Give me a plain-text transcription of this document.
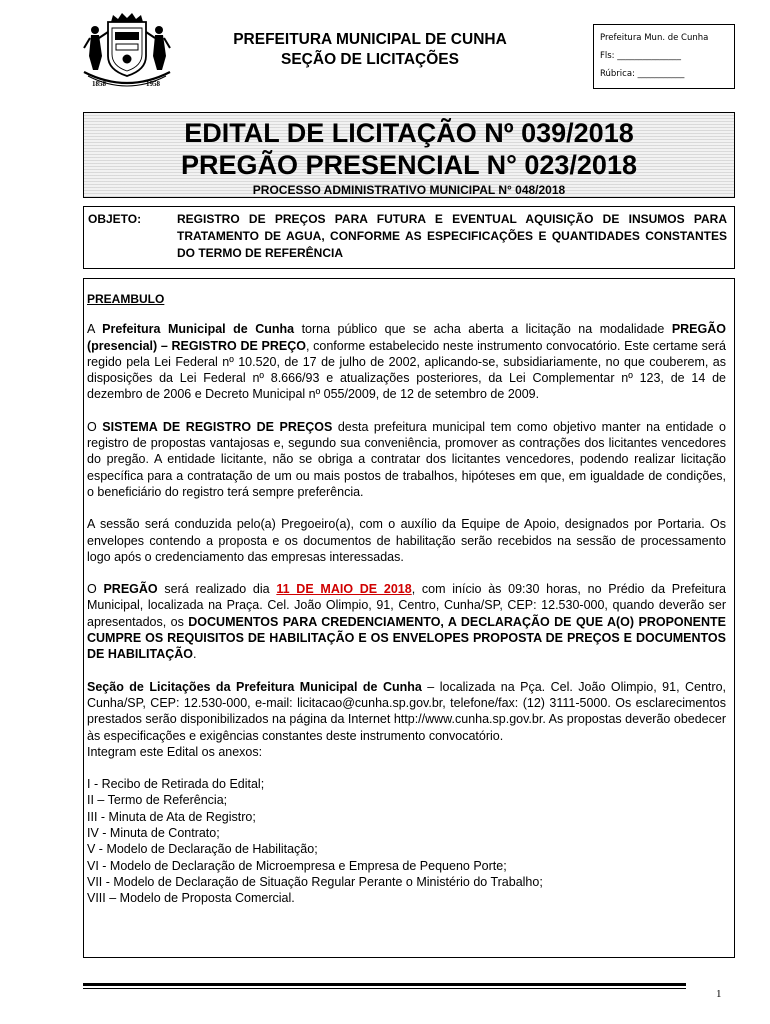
1858	1958
PREFEITURA MUNICIPAL DE CUNHA
SEÇÃO DE LICITAÇÕES
Prefeitura Mun. de Cunha
Fls: _______________
Rúbrica: ___________
EDITAL DE LICITAÇÃO Nº 039/2018
PREGÃO PRESENCIAL N° 023/2018
PROCESSO ADMINISTRATIVO MUNICIPAL N° 048/2018
OBJETO:	REGISTRO DE PREÇOS PARA FUTURA E EVENTUAL AQUISIÇÃO DE INSUMOS PARA TRATAMENTO DE AGUA, CONFORME AS ESPECIFICAÇÕES E QUANTIDADES CONSTANTES DO TERMO DE REFERÊNCIA

PREAMBULO

A Prefeitura Municipal de Cunha torna público que se acha aberta a licitação na modalidade PREGÃO (presencial) – REGISTRO DE PREÇO, conforme estabelecido neste instrumento convocatório. Este certame será regido pela Lei Federal nº 10.520, de 17 de julho de 2002, aplicando-se, subsidiariamente, no que couberem, as disposições da Lei Federal nº 8.666/93 e atualizações posteriores, da Lei Complementar nº 123, de 14 de dezembro de 2006 e Decreto Municipal nº 055/2009, de 12 de setembro de 2009.

O SISTEMA DE REGISTRO DE PREÇOS desta prefeitura municipal tem como objetivo manter na entidade o registro de propostas vantajosas e, segundo sua conveniência, promover as contrações dos licitantes vencedores do pregão. A entidade licitante, não se obriga a contratar dos licitantes vencedores, podendo realizar licitação específica para a contratação de um ou mais postos de trabalhos, hipóteses em que, em igualdade de condições, o beneficiário do registro terá sempre preferência.

A sessão será conduzida pelo(a) Pregoeiro(a), com o auxílio da Equipe de Apoio, designados por Portaria. Os envelopes contendo a proposta e os documentos de habilitação serão recebidos na sessão de processamento logo após o credenciamento das empresas interessadas.

O PREGÃO será realizado dia 11 DE MAIO DE 2018, com início às 09:30 horas, no Prédio da Prefeitura Municipal, localizada na Praça. Cel. João Olimpio, 91, Centro, Cunha/SP, CEP: 12.530-000, quando deverão ser apresentados, os DOCUMENTOS PARA CREDENCIAMENTO, A DECLARAÇÃO DE QUE A(O) PROPONENTE CUMPRE OS REQUISITOS DE HABILITAÇÃO E OS ENVELOPES PROPOSTA DE PREÇOS E DOCUMENTOS DE HABILITAÇÃO.

Seção de Licitações da Prefeitura Municipal de Cunha – localizada na Pça. Cel. João Olimpio, 91, Centro, Cunha/SP, CEP: 12.530-000, e-mail: licitacao@cunha.sp.gov.br, telefone/fax: (12) 3111-5000. Os esclarecimentos prestados serão disponibilizados na página da Internet http://www.cunha.sp.gov.br. As propostas deverão obedecer às especificações e exigências constantes deste instrumento convocatório.

Integram este Edital os anexos:
I - Recibo de Retirada do Edital;
II – Termo de Referência;
III - Minuta de Ata de Registro;
IV - Minuta de Contrato;
V - Modelo de Declaração de Habilitação;
VI - Modelo de Declaração de Microempresa e Empresa de Pequeno Porte;
VII - Modelo de Declaração de Situação Regular Perante o Ministério do Trabalho;
VIII – Modelo de Proposta Comercial.
1
